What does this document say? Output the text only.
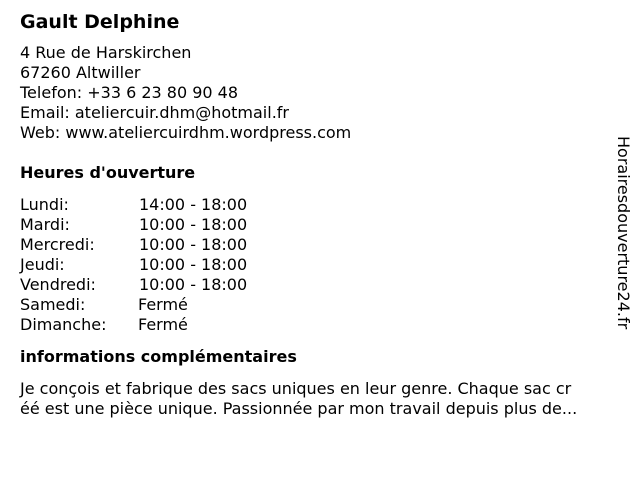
Gault Delphine
4 Rue de Harskirchen
67260 Altwiller
Telefon: +33 6 23 80 90 48
Email: ateliercuir.dhm@hotmail.fr
Web: www.ateliercuirdhm.wordpress.com
Heures d'ouverture
Lundi:	14:00 - 18:00
Mardi:	10:00 - 18:00
Mercredi:	10:00 - 18:00
Jeudi:	10:00 - 18:00
Vendredi:	10:00 - 18:00
Samedi:	Fermé
Dimanche:	Fermé
informations complémentaires
Je conçois et fabrique des sacs uniques en leur genre. Chaque sac cr
éé est une pièce unique. Passionnée par mon travail depuis plus de...
Horairesdouverture24.fr
